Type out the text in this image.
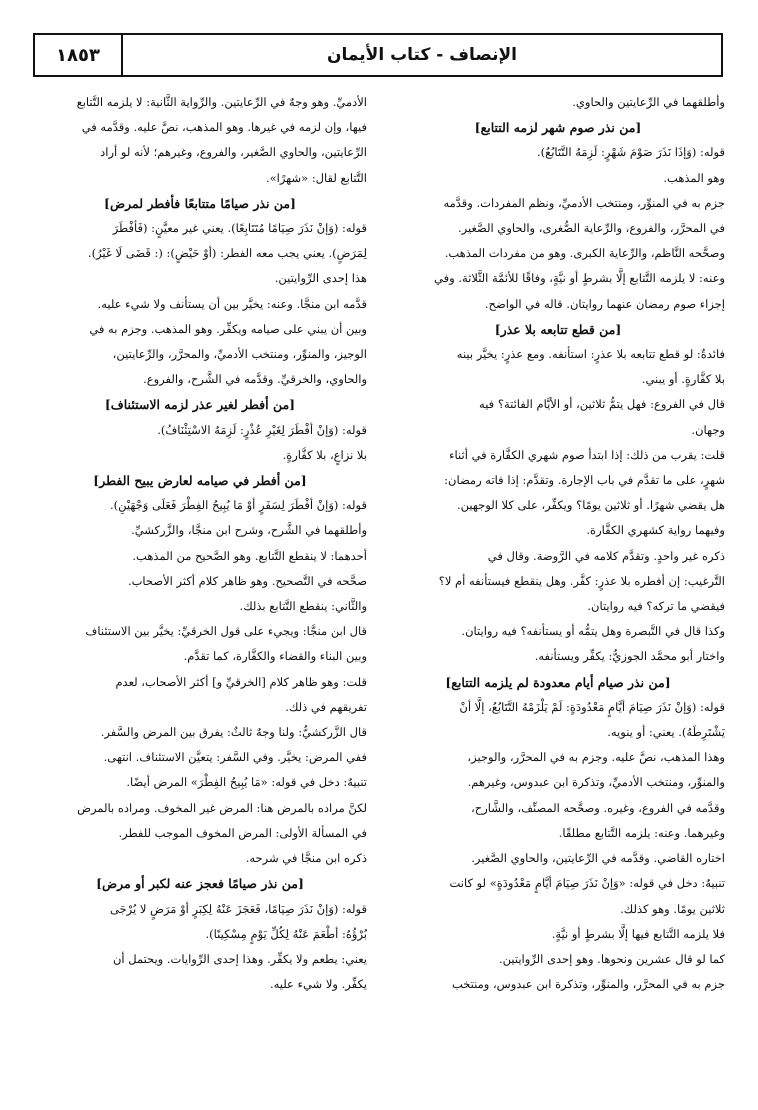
الإنصاف - كتاب الأيمان
١٨٥٣

وأطلقهما في الرِّعايتين والحاوي.

[من نذر صوم شهر لزمه التتابع]

قوله: (وَإذَا نَذَرَ صَوْمَ شَهْرٍ: لَزِمَهُ التَّتَابُعُ).

وهو المذهب.

جزم به في المنوِّر، ومنتخب الأدميِّ، ونظم المفردات. وقدَّمه

في المحرَّر، والفروع، والرِّعاية الصُّغرى، والحاوي الصَّغير.

وصحَّحه النَّاظم، والرِّعاية الكبرى. وهو من مفردات المذهب.

وعنه: لا يلزمه التَّتابع إلَّا بشرطٍ أو نيَّةٍ، وفاقًا للأئمَّة الثَّلاثة. وفي

إجزاء صوم رمضان عنهما روايتان. قاله في الواضح.

[من قطع تتابعه بلا عذر]

فائدةٌ: لو قطع تتابعه بلا عذرٍ: استأنفه. ومع عذرٍ: يخيَّر بينه

بلا كفَّارةٍ. أو يبني.

قال في الفروع: فهل يتمُّ ثلاثين، أو الأيَّام الفائتة؟ فيه

وجهان.

قلت: يقرب من ذلك: إذا ابتدأ صوم شهري الكفَّارة في أثناء

شهرٍ، على ما تقدَّم في باب الإجارة. وتقدَّم: إذا فاته رمضان:

هل يقضي شهرًا. أو ثلاثين يومًا؟ ويكفِّر، على كلا الوجهين.

وفيهما رواية كشهري الكفَّارة.

ذكره غير واحدٍ. وتقدَّم كلامه في الرَّوضة. وقال في

التَّرغيب: إن أفطره بلا عذرٍ: كفَّر. وهل ينقطع فيستأنفه أم لا؟

فيقضي ما تركه؟ فيه روايتان.

وكذا قال في التَّبصرة وهل يتمُّه أو يستأنفه؟ فيه روايتان.

واختار أبو محمَّد الجوزيُّ: يكفِّر ويستأنفه.

[من نذر صيام أيام معدودة لم يلزمه التتابع]

قوله: (وَإنْ نَذَرَ صِيَامَ أيَّامٍ مَعْدُودَةٍ: لَمْ يَلْزَمْهُ التَّتَابُعُ، إلَّا أنْ

يَشْتَرِطَهُ). يعني: أو ينويه.

وهذا المذهب، نصَّ عليه. وجزم به في المحرَّر، والوجيز،

والمنوِّر، ومنتخب الأدميِّ، وتذكرة ابن عبدوس، وغيرهم.

وقدَّمه في الفروع، وغيره. وصحَّحه المصنِّف، والشَّارح،

وغيرهما. وعنه: يلزمه التَّتابع مطلقًا.

اختاره القاضي. وقدَّمه في الرِّعايتين، والحاوي الصَّغير.

تنبيهٌ: دخل في قوله: «وَإنْ نَذَرَ صِيَامَ أيَّامٍ مَعْدُودَةٍ» لو كانت

ثلاثين يومًا. وهو كذلك.

فلا يلزمه التَّتابع فيها إلَّا بشرطٍ أو نيَّةٍ.

كما لو قال عشرين ونحوها. وهو إحدى الرِّوايتين.

جزم به في المحرَّر، والمنوِّر، وتذكرة ابن عبدوس، ومنتخب

الأدميِّ. وهو وجهٌ في الرِّعايتين. والرِّواية الثَّانية: لا يلزمه التَّتابع

فيها، وإن لزمه في غيرها. وهو المذهب، نصَّ عليه. وقدَّمه في

الرِّعايتين، والحاوي الصَّغير، والفروع، وغيرهم؛ لأنه لو أراد

التَّتابع لقال: «شهرًا».

[من نذر صيامًا متتابعًا فأفطر لمرض]

قوله: (وَإنْ نَذَرَ صِيَامًا مُتَتَابِعًا). يعني غير معيَّنٍ: (فَأفْطَرَ

لِمَرَضٍ). يعني يجب معه الفطر: (أوْ حَيْضٍ): (: قَضَى لَا غَيْرُ).

هذا إحدى الرِّوايتين.

قدَّمه ابن منجَّا. وعنه: يخيَّر بين أن يستأنف ولا شيء عليه.

وبين أن يبني على صيامه ويكفِّر. وهو المذهب. وجزم به في

الوجيز، والمنوِّر، ومنتخب الأدميِّ، والمحرَّر، والرِّعايتين،

والحاوي، والخرقيِّ. وقدَّمه في الشَّرح، والفروع.

[من أفطر لغير عذر لزمه الاستئناف]

قوله: (وَإنْ أفْطَرَ لِغَيْرِ عُذْرٍ: لَزِمَهُ الاسْتِئْنَافُ).

بلا نزاعٍ، بلا كفَّارةٍ.

[من أفطر في صيامه لعارض يبيح الفطر]

قوله: (وَإنْ أفْطَرَ لِسَفَرٍ أوْ مَا يُبِيحُ الفِطْرَ فَعَلَى وَجْهَيْنِ).

وأطلقهما في الشَّرح، وشرح ابن منجَّا، والزَّركشيِّ.

أحدهما: لا ينقطع التَّتابع. وهو الصَّحيح من المذهب.

صحَّحه في التَّصحيح. وهو ظاهر كلام أكثر الأصحاب.

والثَّاني: ينقطع التَّتابع بذلك.

قال ابن منجَّا: ويجيء على قول الخرقيِّ: يخيَّر بين الاستئناف

وبين البناء والقضاء والكفَّارة، كما تقدَّم.

قلت: وهو ظاهر كلام [الخرقيِّ و] أكثر الأصحاب، لعدم

تفريقهم في ذلك.

قال الزَّركشيُّ: ولنا وجهٌ ثالثٌ: يفرق بين المرض والسَّفر.

ففي المرض: يخيَّر. وفي السَّفر: يتعيَّن الاستئناف. انتهى.

تنبيهٌ: دخل في قوله: «مَا يُبِيحُ الفِطْرَ» المرض أيضًا.

لكنَّ مراده بالمرض هنا: المرض غير المخوف. ومراده بالمرض

في المسألة الأولى: المرض المخوف الموجب للفطر.

ذكره ابن منجَّا في شرحه.

[من نذر صيامًا فعجز عنه لكبر أو مرض]

قوله: (وَإنْ نَذَرَ صِيَامًا، فَعَجَزَ عَنْهُ لِكِبَرٍ أوْ مَرَضٍ لا يُرْجَى

بُرْؤُهُ: أطْعَمَ عَنْهُ لِكُلِّ يَوْمٍ مِسْكِينًا).

يعني: يطعم ولا يكفِّر. وهذا إحدى الرِّوايات. ويحتمل أن

يكفِّر. ولا شيء عليه.
